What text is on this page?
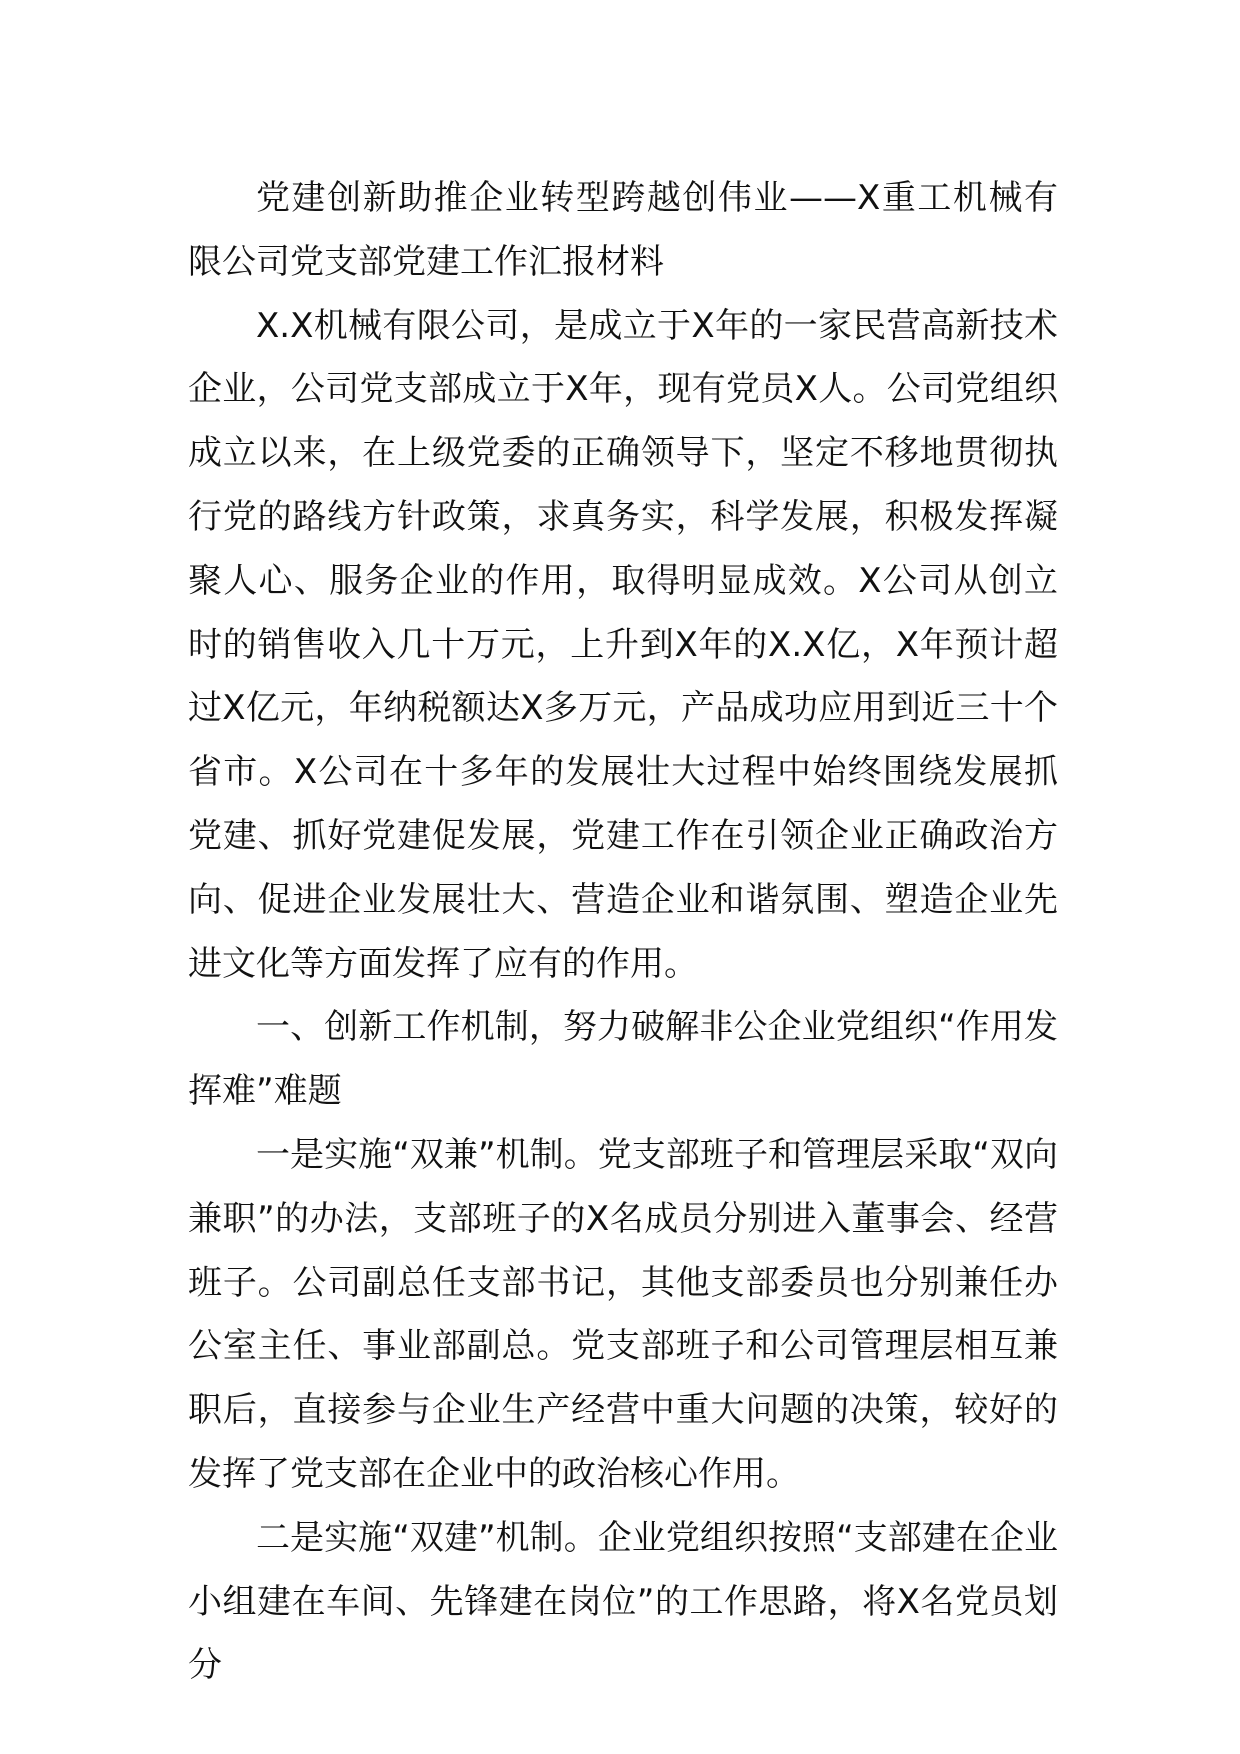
党建创新助推企业转型跨越创伟业——X重工机械有限公司党支部党建工作汇报材料

X.X机械有限公司，是成立于X年的一家民营高新技术企业，公司党支部成立于X年，现有党员X人。公司党组织成立以来，在上级党委的正确领导下，坚定不移地贯彻执行党的路线方针政策，求真务实，科学发展，积极发挥凝聚人心、服务企业的作用，取得明显成效。X公司从创立时的销售收入几十万元，上升到X年的X.X亿，X年预计超过X亿元，年纳税额达X多万元，产品成功应用到近三十个省市。X公司在十多年的发展壮大过程中始终围绕发展抓党建、抓好党建促发展，党建工作在引领企业正确政治方向、促进企业发展壮大、营造企业和谐氛围、塑造企业先进文化等方面发挥了应有的作用。

一、创新工作机制，努力破解非公企业党组织“作用发挥难”难题

一是实施“双兼”机制。党支部班子和管理层采取“双向兼职”的办法，支部班子的X名成员分别进入董事会、经营班子。公司副总任支部书记，其他支部委员也分别兼任办公室主任、事业部副总。党支部班子和公司管理层相互兼职后，直接参与企业生产经营中重大问题的决策，较好的发挥了党支部在企业中的政治核心作用。

二是实施“双建”机制。企业党组织按照“支部建在企业小组建在车间、先锋建在岗位”的工作思路，将X名党员划分
